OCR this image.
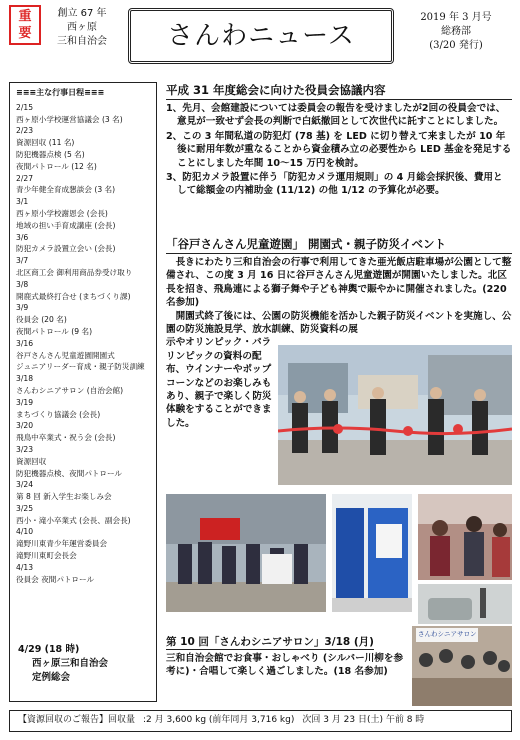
重
要
創立 67 年
西ヶ原
三和自治会	さんわニュース
2019 年 3 月号
総務部
(3/20 発行)
≡≡≡主な行事日程≡≡≡
2/15
西ヶ原小学校運営協議会 (3 名)
2/23
資源回収 (11 名)
防犯機器点検 (5 名)
夜間パトロール (12 名)
2/27
青少年健全育成懇談会 (3 名)
3/1
西ヶ原小学校謝恩会 (会長)
地域の担い手育成講座 (会長)
3/6
防犯カメラ設置立会い (会長)
3/7
北区商工会 御利用商品券受け取り
3/8
開鹿式最終打合せ (まちづくり課)
3/9
役員会 (20 名)
夜間パトロール (9 名)
3/16
谷戸さんさん児童遊園開園式
ジュニアリーダー育成・親子防災訓練
3/18
さんわシニアサロン (自治会館)
3/19
まちづくり協議会 (会長)
3/20
飛鳥中卒業式・祝う会 (会長)
3/23
資源回収
防犯機器点検、夜間パトロール
3/24
第 8 回 新入学生お楽しみ会
3/25
西小・滝小卒業式 (会長、副会長)
4/10
滝野川東青少年運営委員会
滝野川東町会長会
4/13
役員会 夜間パトロール
4/29 (18 時)
西ヶ原三和自治会
定例総会
平成 31 年度総会に向けた役員会協議内容

1、先月、会館建設については委員会の報告を受けましたが2回の役員会では、意見が一致せず会長の判断で白紙撤回として次世代に託すことにしました。

2、この 3 年間私道の防犯灯 (78 基) を LED に切り替えて来ましたが 10 年後に耐用年数が重なることから資金積み立の必要性から LED 基金を発足することにしました年間 10～15 万円を検討。

3、防犯カメラ設置に伴う「防犯カメラ運用規則」の 4 月総会採択後、費用として総額金の内補助金 (11/12) の他 1/12 の予算化が必要。

「谷戸さんさん児童遊園」 開園式・親子防災イベント

長きにわたり三和自治会の行事で利用してきた亜光飯店駐車場が公園として整備され、この度 3 月 16 日に谷戸さんさん児童遊園が開園いたしました。北区長を招き、飛鳥連による獅子舞や子ども神輿で賑やかに開催されました。(220 名参加)

開園式終了後には、公園の防災機能を活かした親子防災イベントを実施し、公園の防災施設見学、放水訓練、防災資料の展

示やオリンピック・パラリンピックの資料の配布、ウインナーやポップコーンなどのお楽しみもあり、親子で楽しく防災体験をすることができました。

さんわシニアサロン
第 10 回「さんわシニアサロン」3/18 (月)

三和自治会館でお食事・おしゃべり (シルバー川柳を参考に)・合唱して楽しく過ごしました。(18 名参加)

【資源回収のご報告】回収量 :2 月 3,600 kg (前年同月 3,716 kg) 次回 3 月 23 日(土) 午前 8 時
